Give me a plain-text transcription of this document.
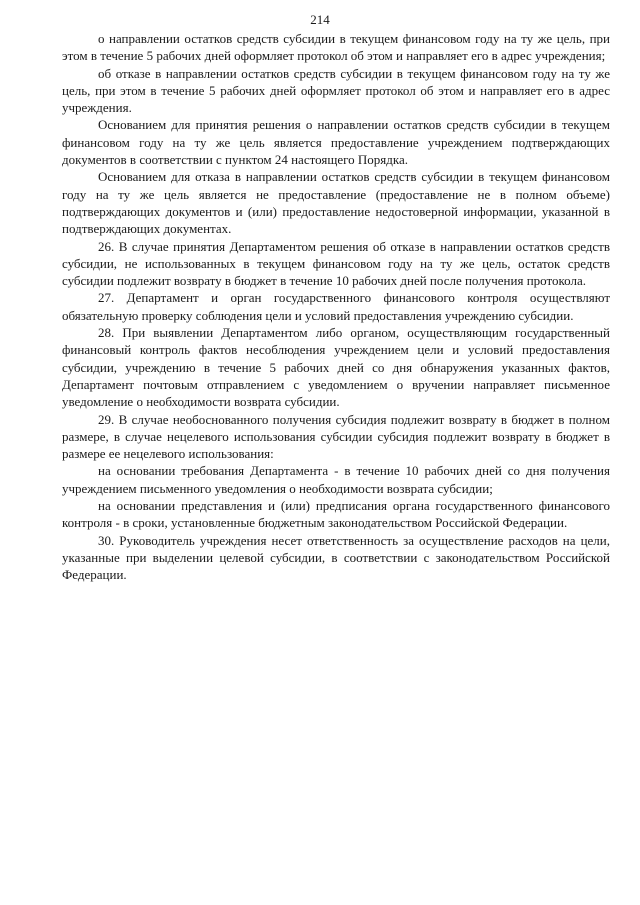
214

о направлении остатков средств субсидии в текущем финансовом году на ту же цель, при этом в течение 5 рабочих дней оформляет протокол об этом и направляет его в адрес учреждения;

об отказе в направлении остатков средств субсидии в текущем финансовом году на ту же цель, при этом в течение 5 рабочих дней оформляет протокол об этом и направляет его в адрес учреждения.

Основанием для принятия решения о направлении остатков средств субсидии в текущем финансовом году на ту же цель является предоставление учреждением подтверждающих документов в соответствии с пунктом 24 настоящего Порядка.

Основанием для отказа в направлении остатков средств субсидии в текущем финансовом году на ту же цель является не предоставление (предоставление не в полном объеме) подтверждающих документов и (или) предоставление недостоверной информации, указанной в подтверждающих документах.

26. В случае принятия Департаментом решения об отказе в направлении остатков средств субсидии, не использованных в текущем финансовом году на ту же цель, остаток средств субсидии подлежит возврату в бюджет в течение 10 рабочих дней после получения протокола.

27. Департамент и орган государственного финансового контроля осуществляют обязательную проверку соблюдения цели и условий предоставления учреждению субсидии.

28. При выявлении Департаментом либо органом, осуществляющим государственный финансовый контроль фактов несоблюдения учреждением цели и условий предоставления субсидии, учреждению в течение 5 рабочих дней со дня обнаружения указанных фактов, Департамент почтовым отправлением с уведомлением о вручении направляет письменное уведомление о необходимости возврата субсидии.

29. В случае необоснованного получения субсидия подлежит возврату в бюджет в полном размере, в случае нецелевого использования субсидии субсидия подлежит возврату в бюджет в размере ее нецелевого использования:

на основании требования Департамента - в течение 10 рабочих дней со дня получения учреждением письменного уведомления о необходимости возврата субсидии;

на основании представления и (или) предписания органа государственного финансового контроля - в сроки, установленные бюджетным законодательством Российской Федерации.

30. Руководитель учреждения несет ответственность за осуществление расходов на цели, указанные при выделении целевой субсидии, в соответствии с законодательством Российской Федерации.
